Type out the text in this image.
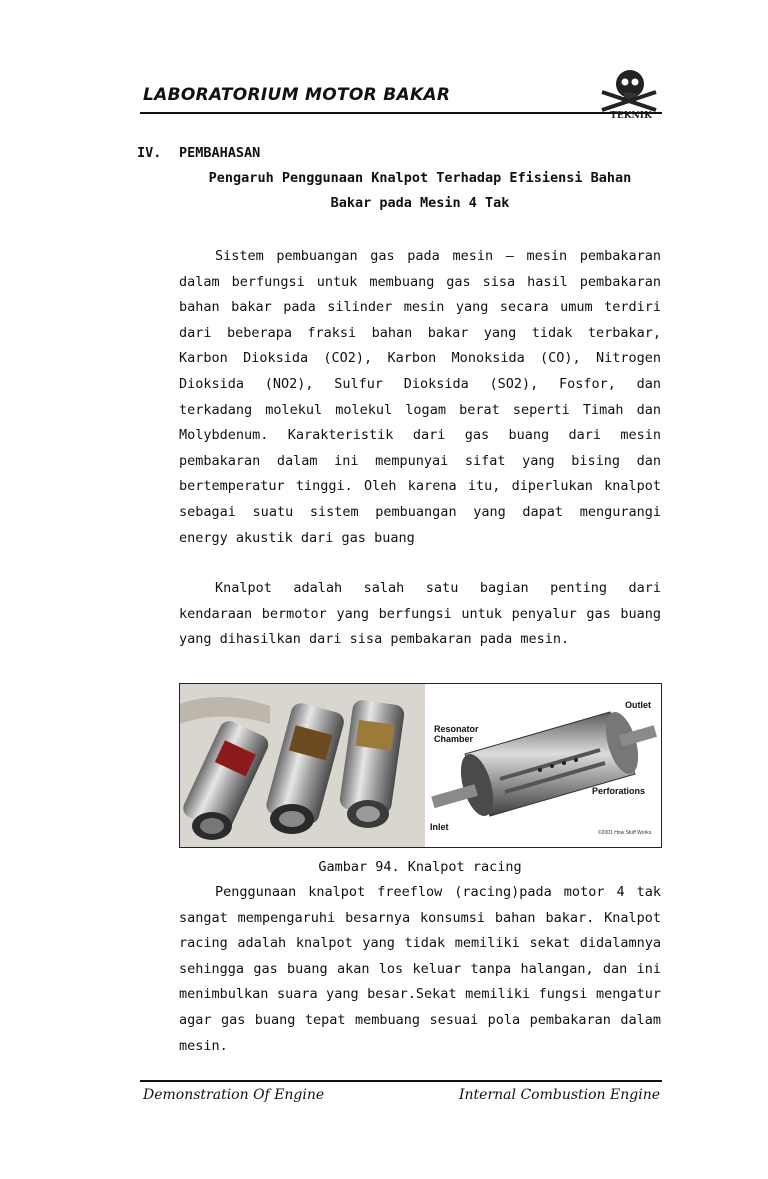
LABORATORIUM MOTOR BAKAR
TEKNIK
IV. PEMBAHASAN
Pengaruh Penggunaan Knalpot Terhadap Efisiensi Bahan
Bakar pada Mesin 4 Tak

Sistem pembuangan gas pada mesin – mesin pembakaran dalam berfungsi untuk membuang gas sisa hasil pembakaran bahan bakar pada silinder mesin yang secara umum terdiri dari beberapa fraksi bahan bakar yang tidak terbakar, Karbon Dioksida (CO2), Karbon Monoksida (CO), Nitrogen Dioksida (NO2), Sulfur Dioksida (SO2), Fosfor, dan terkadang molekul molekul logam berat seperti Timah dan Molybdenum. Karakteristik dari gas buang dari mesin pembakaran dalam ini mempunyai sifat yang bising dan bertemperatur tinggi. Oleh karena itu, diperlukan knalpot sebagai suatu sistem pembuangan yang dapat mengurangi energy akustik dari gas buang

Knalpot adalah salah satu bagian penting dari kendaraan bermotor yang berfungsi untuk penyalur gas buang yang dihasilkan dari sisa pembakaran pada mesin.

Resonator
Chamber
Outlet
Perforations
Inlet
©2001 How Stuff Works
Gambar 94. Knalpot racing

Penggunaan knalpot freeflow (racing)pada motor 4 tak sangat mempengaruhi besarnya konsumsi bahan bakar. Knalpot racing adalah knalpot yang tidak memiliki sekat didalamnya sehingga gas buang akan los keluar tanpa halangan, dan ini menimbulkan suara yang besar.Sekat memiliki fungsi mengatur agar gas buang tepat membuang sesuai pola pembakaran dalam mesin.

Demonstration Of Engine	Internal Combustion Engine
